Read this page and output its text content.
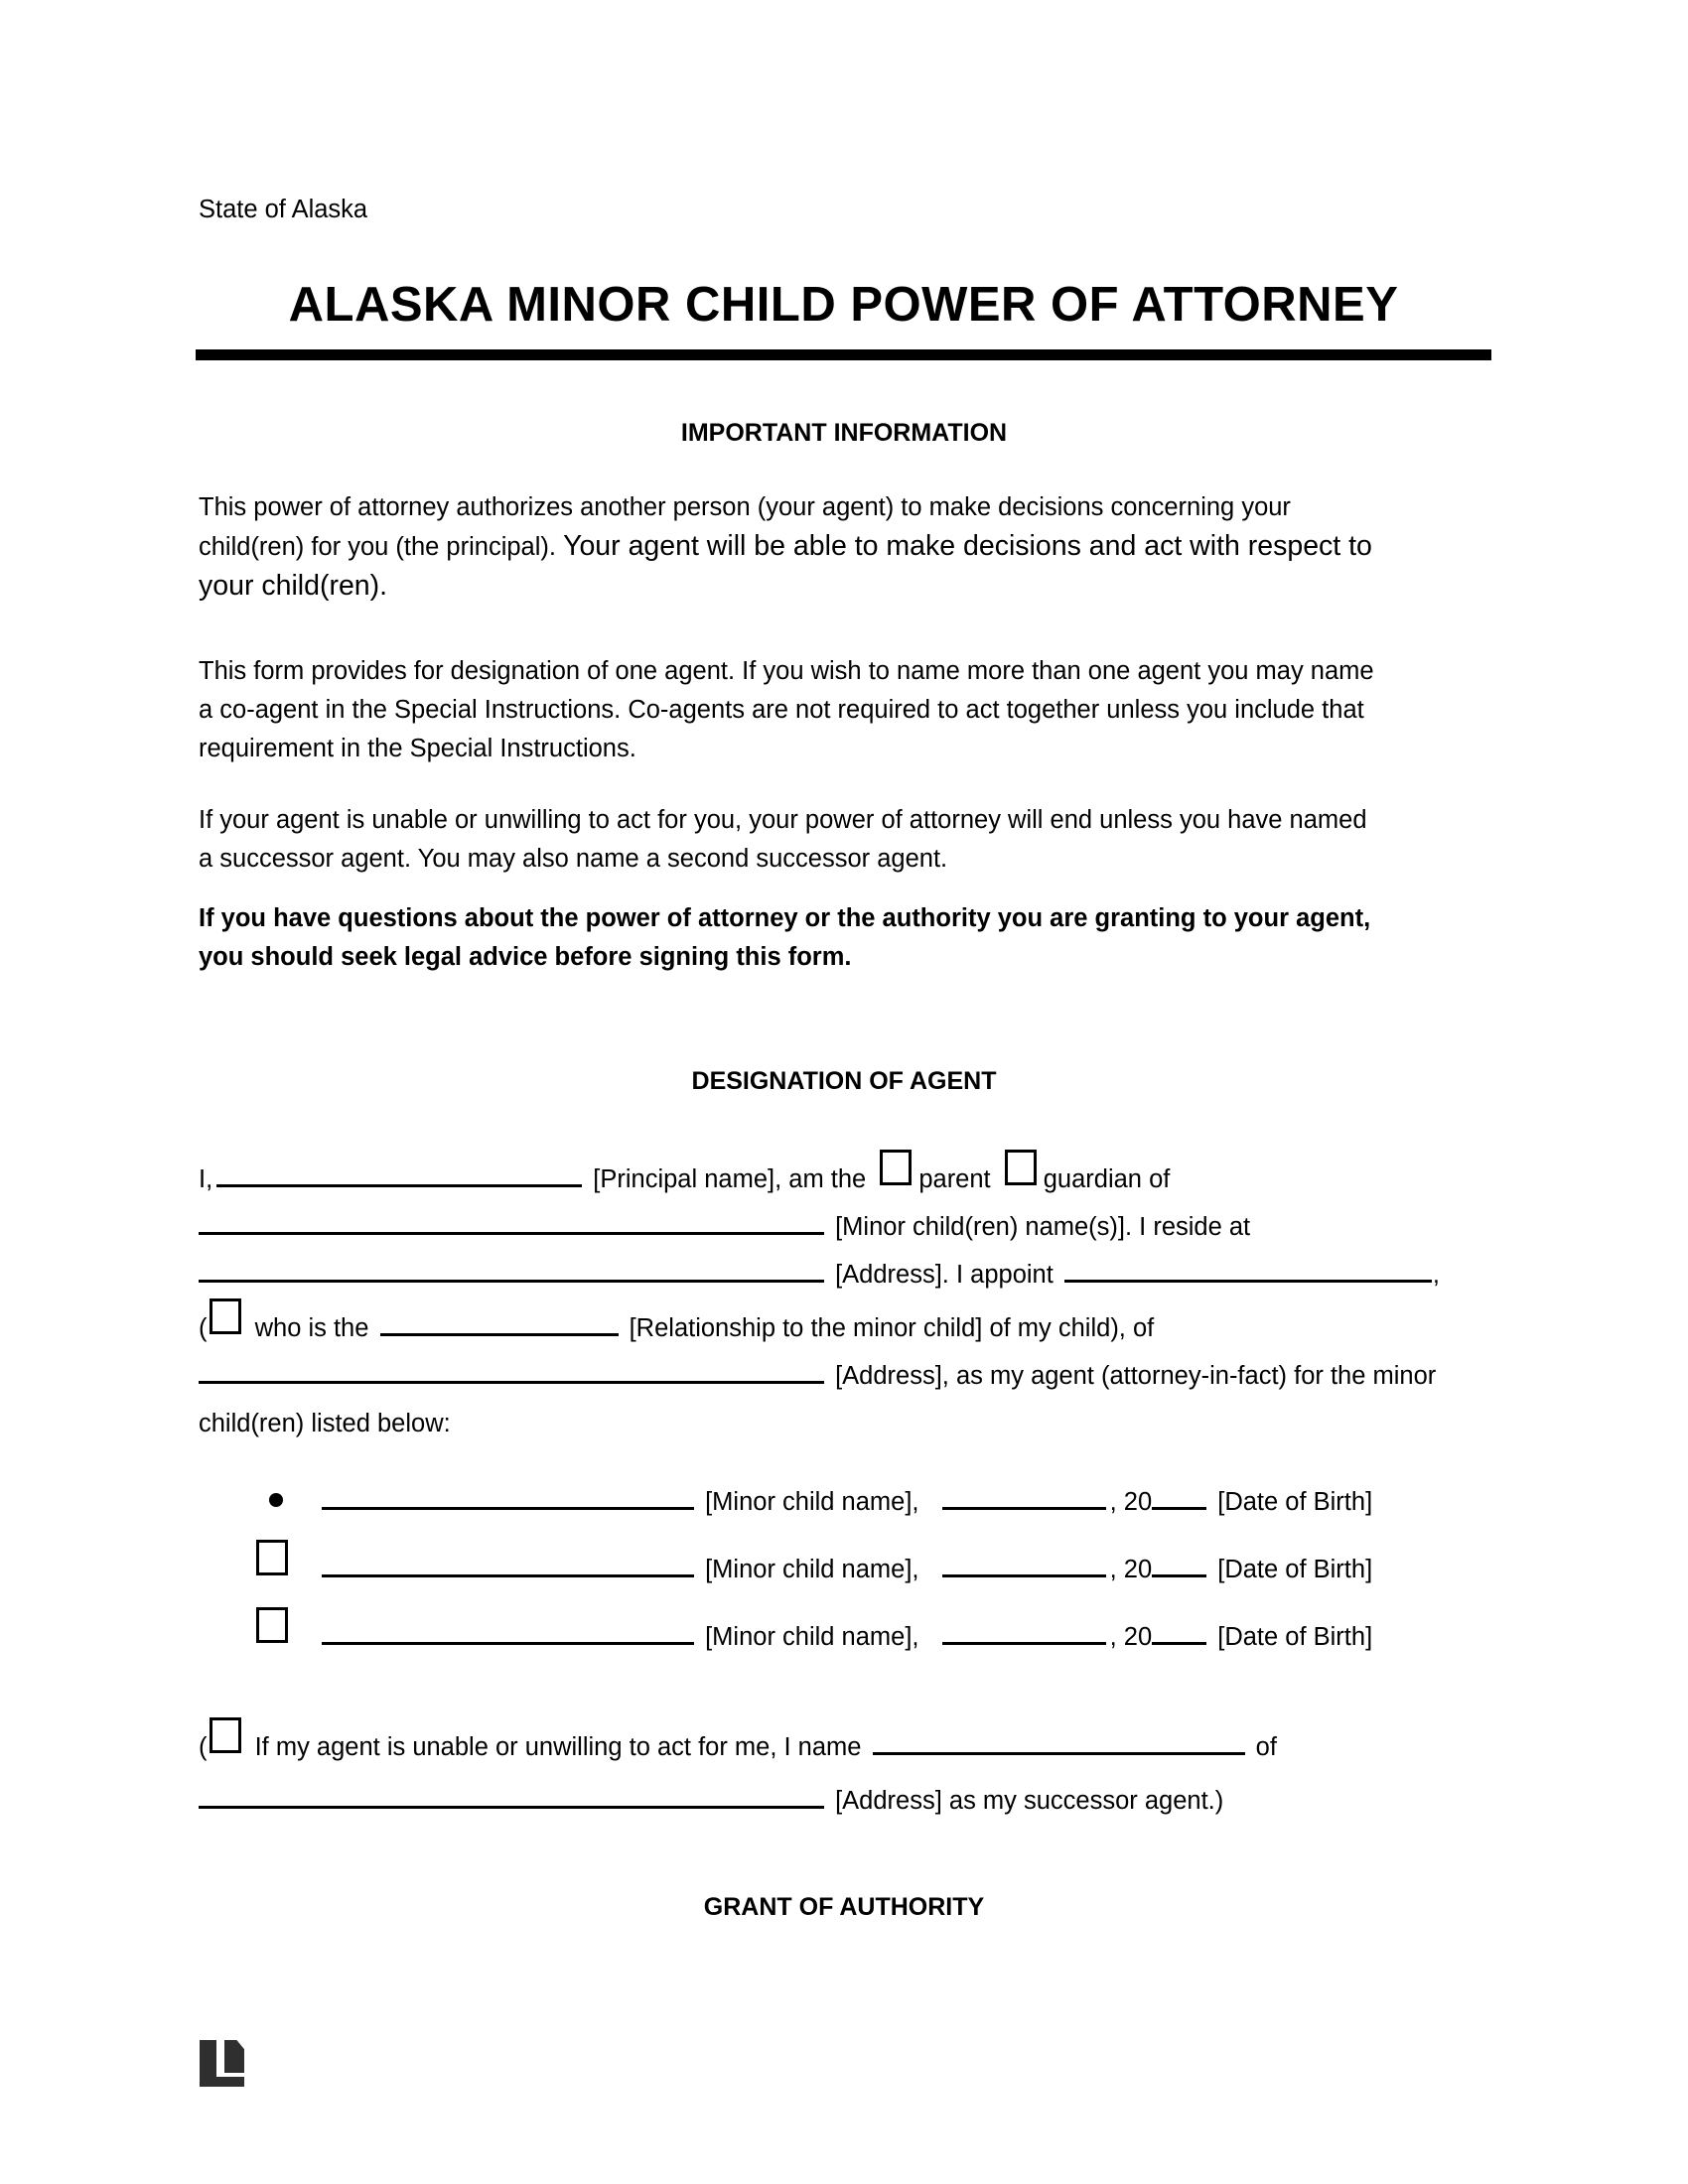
State of Alaska
ALASKA MINOR CHILD POWER OF ATTORNEY
IMPORTANT INFORMATION
This power of attorney authorizes another person (your agent) to make decisions concerning your
child(ren) for you (the principal). Your agent will be able to make decisions and act with respect to
your child(ren).
This form provides for designation of one agent. If you wish to name more than one agent you may name
a co-agent in the Special Instructions. Co-agents are not required to act together unless you include that
requirement in the Special Instructions.
If your agent is unable or unwilling to act for you, your power of attorney will end unless you have named
a successor agent. You may also name a second successor agent.
If you have questions about the power of attorney or the authority you are granting to your agent,
you should seek legal advice before signing this form.
DESIGNATION OF AGENT
I,	[Principal name], am the parent guardian of
[Minor child(ren) name(s)]. I reside at
[Address]. I appoint	,
( who is the	[Relationship to the minor child] of my child), of
[Address], as my agent (attorney-in-fact) for the minor
child(ren) listed below:
[Minor child name],	, 20	[Date of Birth]
[Minor child name],	, 20	[Date of Birth]
[Minor child name],	, 20	[Date of Birth]
( If my agent is unable or unwilling to act for me, I name	of
[Address] as my successor agent.)
GRANT OF AUTHORITY
